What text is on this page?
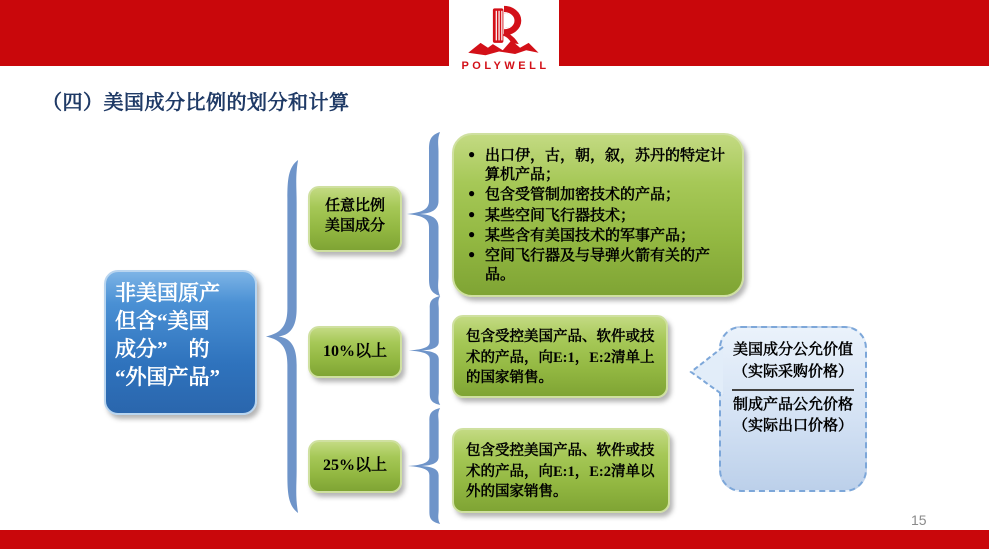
POLYWELL
（四）美国成分比例的划分和计算
非美国原产
但含“美国
成分”　的
“外国产品”
任意比例
美国成分
10%以上
25%以上
● 出口伊，古，朝，叙，苏丹的特定计算机产品；
● 包含受管制加密技术的产品；
● 某些空间飞行器技术；
● 某些含有美国技术的军事产品；
● 空间飞行器及与导弹火箭有关的产品。
包含受控美国产品、软件或技术的产品，向E:1，E:2清单上的国家销售。
包含受控美国产品、软件或技术的产品，向E:1，E:2清单以外的国家销售。
美国成分公允价值（实际采购价格）
制成产品公允价格（实际出口价格）
15
